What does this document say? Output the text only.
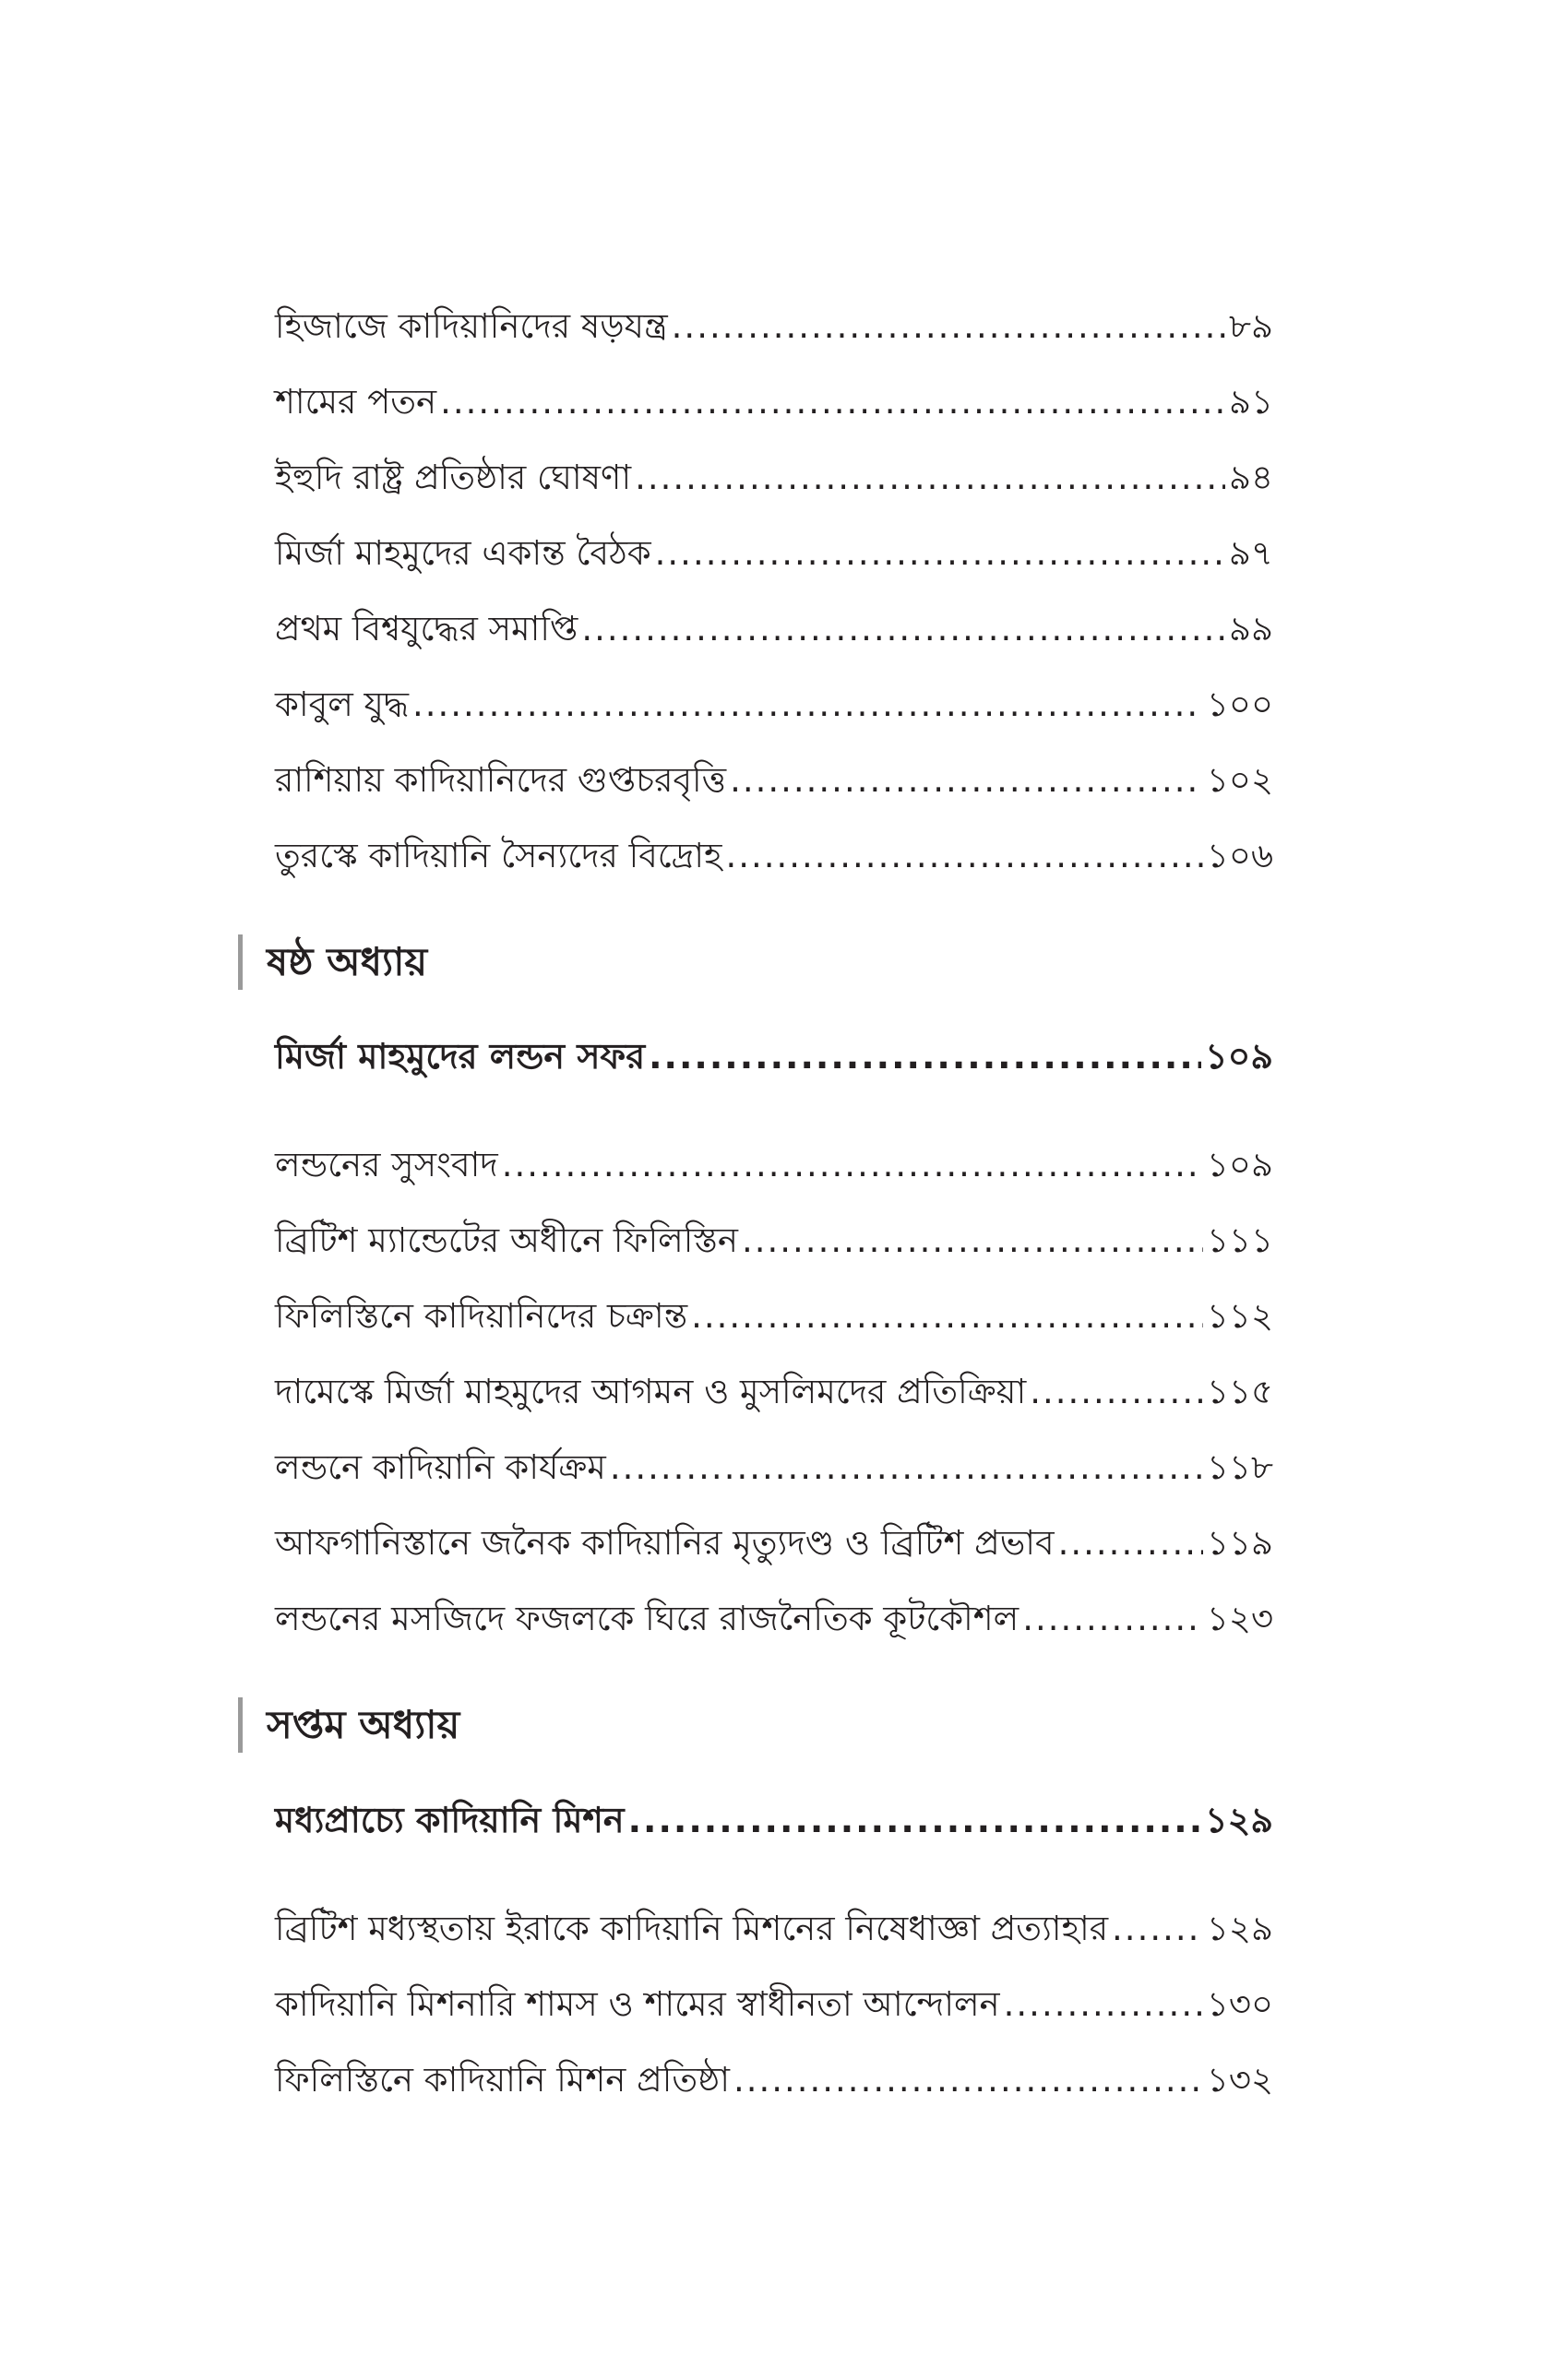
হিজাজে কাদিয়ানিদের ষড়যন্ত্র .....	৮৯
শামের পতন .....	৯১
ইহুদি রাষ্ট্র প্রতিষ্ঠার ঘোষণা .....	৯৪
মির্জা মাহমুদের একান্ত বৈঠক .....	৯৭
প্রথম বিশ্বযুদ্ধের সমাপ্তি .....	৯৯
কাবুল যুদ্ধ .....	১০০
রাশিয়ায় কাদিয়ানিদের গুপ্তচরবৃত্তি .....	১০২
তুরস্কে কাদিয়ানি সৈন্যদের বিদ্রোহ .....	১০৬
ষষ্ঠ অধ্যায়
মির্জা মাহমুদের লন্ডন সফর .....	১০৯
লন্ডনের সুসংবাদ .....	১০৯
ব্রিটিশ ম্যান্ডেটের অধীনে ফিলিস্তিন .....	১১১
ফিলিস্তিনে কাদিয়ানিদের চক্রান্ত .....	১১২
দামেস্কে মির্জা মাহমুদের আগমন ও মুসলিমদের প্রতিক্রিয়া .....	১১৫
লন্ডনে কাদিয়ানি কার্যক্রম .....	১১৮
আফগানিস্তানে জনৈক কাদিয়ানির মৃত্যুদণ্ড ও ব্রিটিশ প্রভাব .....	১১৯
লন্ডনের মসজিদে ফজলকে ঘিরে রাজনৈতিক কূটকৌশল .....	১২৩
সপ্তম অধ্যায়
মধ্যপ্রাচ্যে কাদিয়ানি মিশন .....	১২৯
ব্রিটিশ মধ্যস্থতায় ইরাকে কাদিয়ানি মিশনের নিষেধাজ্ঞা প্রত্যাহার .....	১২৯
কাদিয়ানি মিশনারি শামস ও শামের স্বাধীনতা আন্দোলন .....	১৩০
ফিলিস্তিনে কাদিয়ানি মিশন প্রতিষ্ঠা .....	১৩২
